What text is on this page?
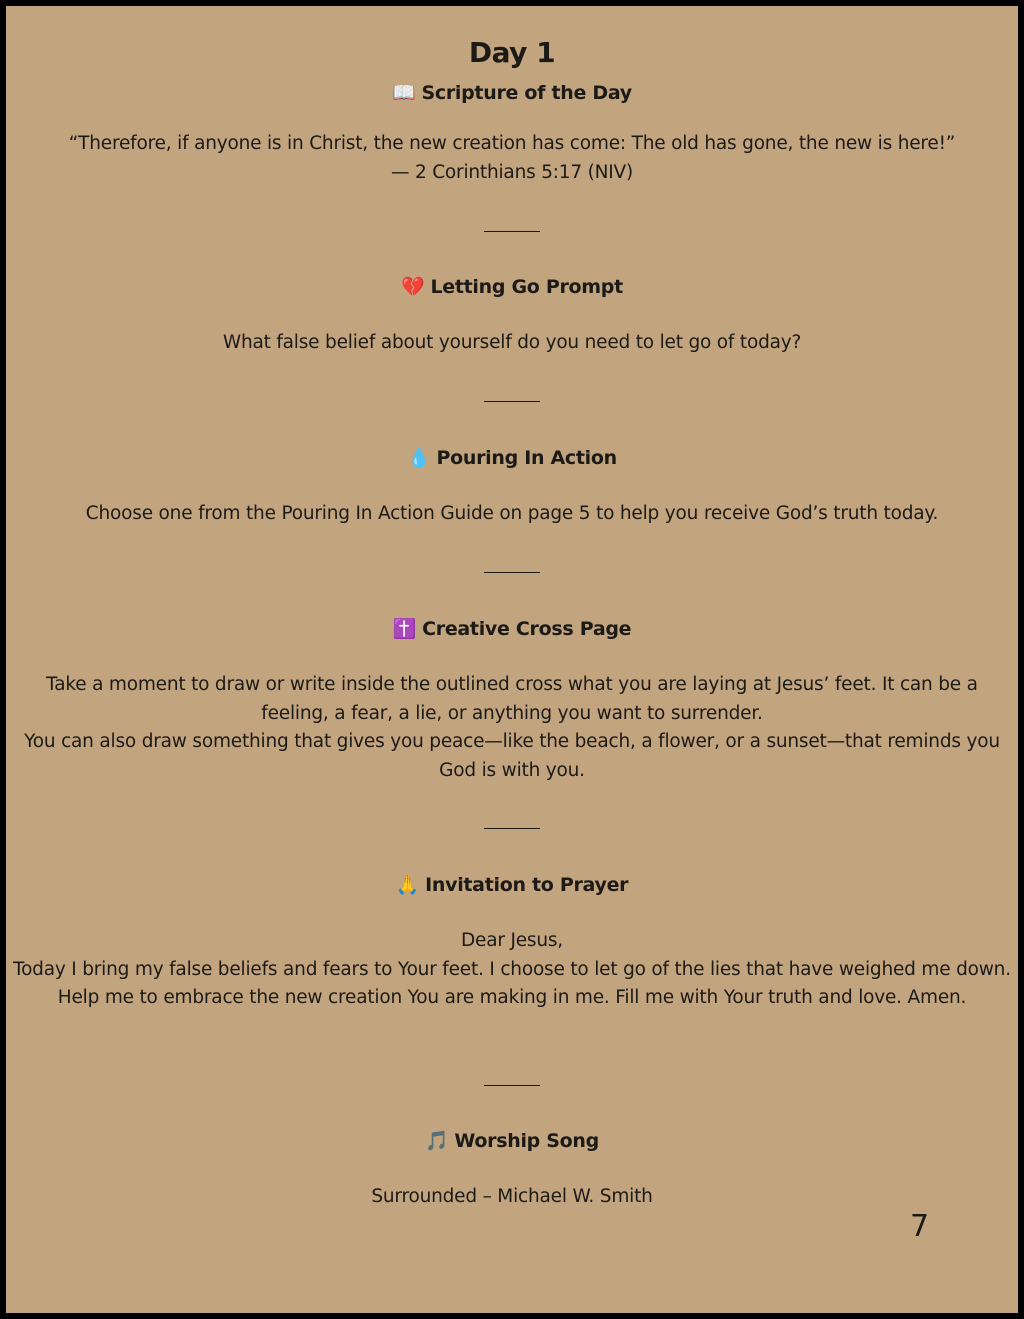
Day 1
📖 Scripture of the Day

“Therefore, if anyone is in Christ, the new creation has come: The old has gone, the new is here!”

— 2 Corinthians 5:17 (NIV)

💔 Letting Go Prompt

What false belief about yourself do you need to let go of today?

💧 Pouring In Action

Choose one from the Pouring In Action Guide on page 5 to help you receive God’s truth today.

✝️ Creative Cross Page

Take a moment to draw or write inside the outlined cross what you are laying at Jesus’ feet. It can be a feeling, a fear, a lie, or anything you want to surrender.

You can also draw something that gives you peace—like the beach, a flower, or a sunset—that reminds you God is with you.

🙏 Invitation to Prayer

Dear Jesus,

Today I bring my false beliefs and fears to Your feet. I choose to let go of the lies that have weighed me down. Help me to embrace the new creation You are making in me. Fill me with Your truth and love. Amen.

🎵 Worship Song

Surrounded – Michael W. Smith

7
